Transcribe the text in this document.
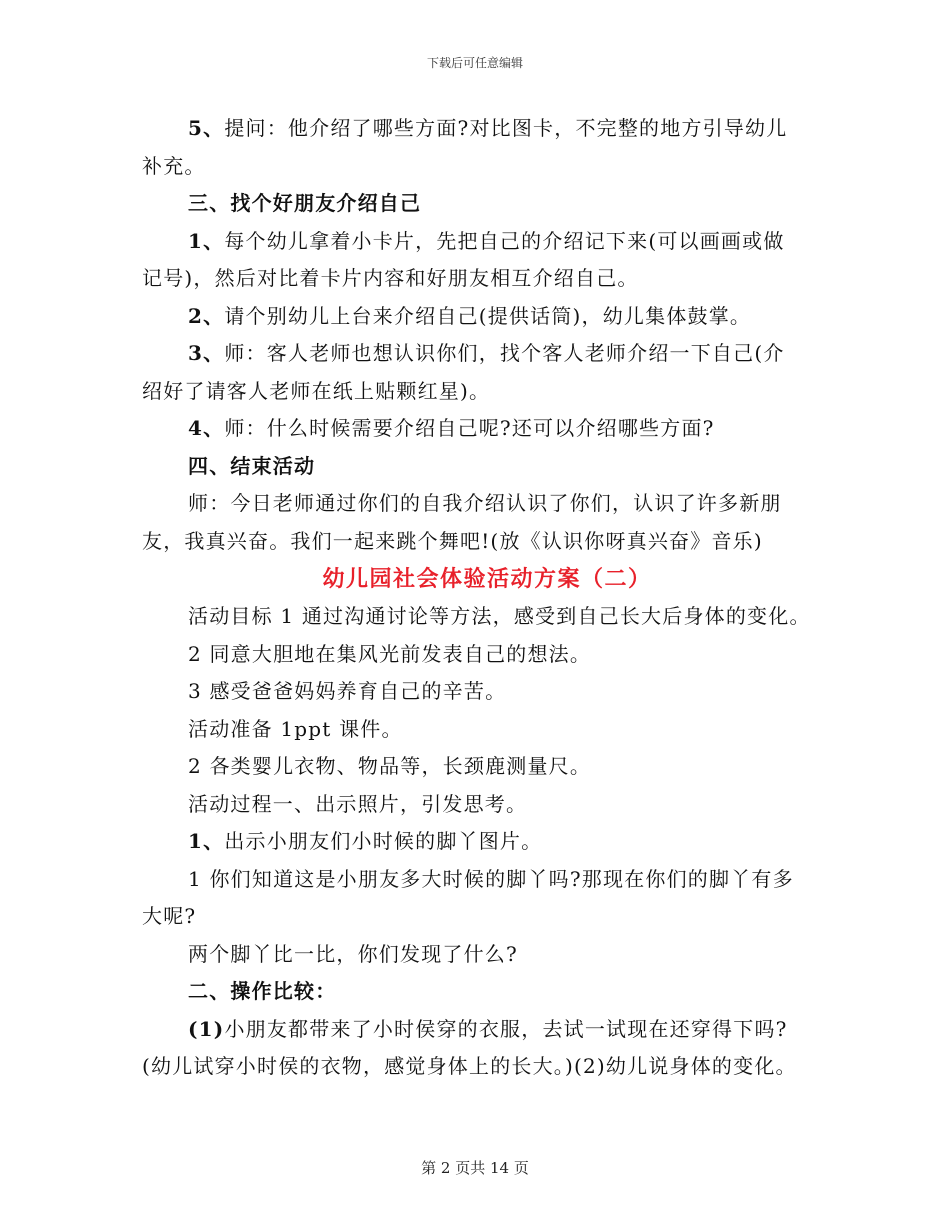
下载后可任意编辑

5、提问：他介绍了哪些方面?对比图卡，不完整的地方引导幼儿

补充。

三、找个好朋友介绍自己

1、每个幼儿拿着小卡片，先把自己的介绍记下来(可以画画或做

记号)，然后对比着卡片内容和好朋友相互介绍自己。

2、请个别幼儿上台来介绍自己(提供话筒)，幼儿集体鼓掌。

3、师：客人老师也想认识你们，找个客人老师介绍一下自己(介

绍好了请客人老师在纸上贴颗红星)。

4、师：什么时候需要介绍自己呢?还可以介绍哪些方面?

四、结束活动

师：今日老师通过你们的自我介绍认识了你们，认识了许多新朋

友，我真兴奋。我们一起来跳个舞吧!(放《认识你呀真兴奋》音乐)

幼儿园社会体验活动方案（二）

活动目标 1 通过沟通讨论等方法，感受到自己长大后身体的变化。

2 同意大胆地在集风光前发表自己的想法。

3 感受爸爸妈妈养育自己的辛苦。

活动准备 1ppt 课件。

2 各类婴儿衣物、物品等，长颈鹿测量尺。

活动过程一、出示照片，引发思考。

1、出示小朋友们小时候的脚丫图片。

1 你们知道这是小朋友多大时候的脚丫吗?那现在你们的脚丫有多

大呢?

两个脚丫比一比，你们发现了什么?

二、操作比较：

(1)小朋友都带来了小时侯穿的衣服，去试一试现在还穿得下吗?

(幼儿试穿小时侯的衣物，感觉身体上的长大。)(2)幼儿说身体的变化。

第 2 页共 14 页
